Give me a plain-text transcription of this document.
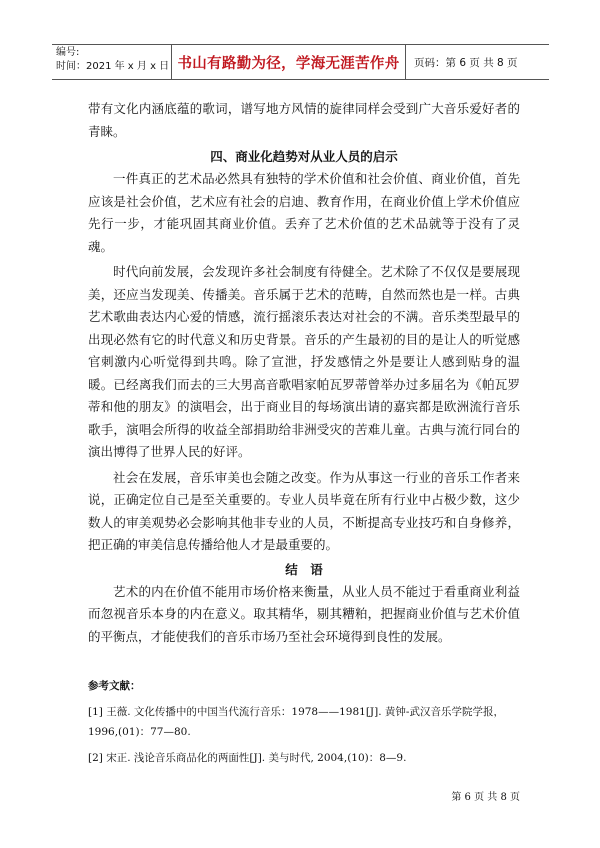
编号:
时间：2021 年 x 月 x 日 书山有路勤为径，学海无涯苦作舟	页码：第 6 页 共 8 页

带有文化内涵底蕴的歌词，谱写地方风情的旋律同样会受到广大音乐爱好者的青睐。

四、商业化趋势对从业人员的启示

一件真正的艺术品必然具有独特的学术价值和社会价值、商业价值，首先应该是社会价值，艺术应有社会的启迪、教育作用，在商业价值上学术价值应先行一步，才能巩固其商业价值。丢弃了艺术价值的艺术品就等于没有了灵魂。

时代向前发展，会发现许多社会制度有待健全。艺术除了不仅仅是要展现美，还应当发现美、传播美。音乐属于艺术的范畴，自然而然也是一样。古典艺术歌曲表达内心爱的情感，流行摇滚乐表达对社会的不满。音乐类型最早的出现必然有它的时代意义和历史背景。音乐的产生最初的目的是让人的听觉感官刺激内心听觉得到共鸣。除了宣泄，抒发感情之外是要让人感到贴身的温暖。已经离我们而去的三大男高音歌唱家帕瓦罗蒂曾举办过多届名为《帕瓦罗蒂和他的朋友》的演唱会，出于商业目的每场演出请的嘉宾都是欧洲流行音乐歌手，演唱会所得的收益全部捐助给非洲受灾的苦难儿童。古典与流行同台的演出博得了世界人民的好评。

社会在发展，音乐审美也会随之改变。作为从事这一行业的音乐工作者来说，正确定位自己是至关重要的。专业人员毕竟在所有行业中占极少数，这少数人的审美观势必会影响其他非专业的人员，不断提高专业技巧和自身修养，把正确的审美信息传播给他人才是最重要的。

结　语

艺术的内在价值不能用市场价格来衡量，从业人员不能过于看重商业利益而忽视音乐本身的内在意义。取其精华，剔其糟粕，把握商业价值与艺术价值的平衡点，才能使我们的音乐市场乃至社会环境得到良性的发展。

参考文献：

[1] 王薇. 文化传播中的中国当代流行音乐：1978——1981[J]. 黄钟-武汉音乐学院学报，1996,(01)：77—80.

[2] 宋正. 浅论音乐商品化的两面性[J]. 美与时代, 2004,(10)：8—9.

第 6 页 共 8 页
